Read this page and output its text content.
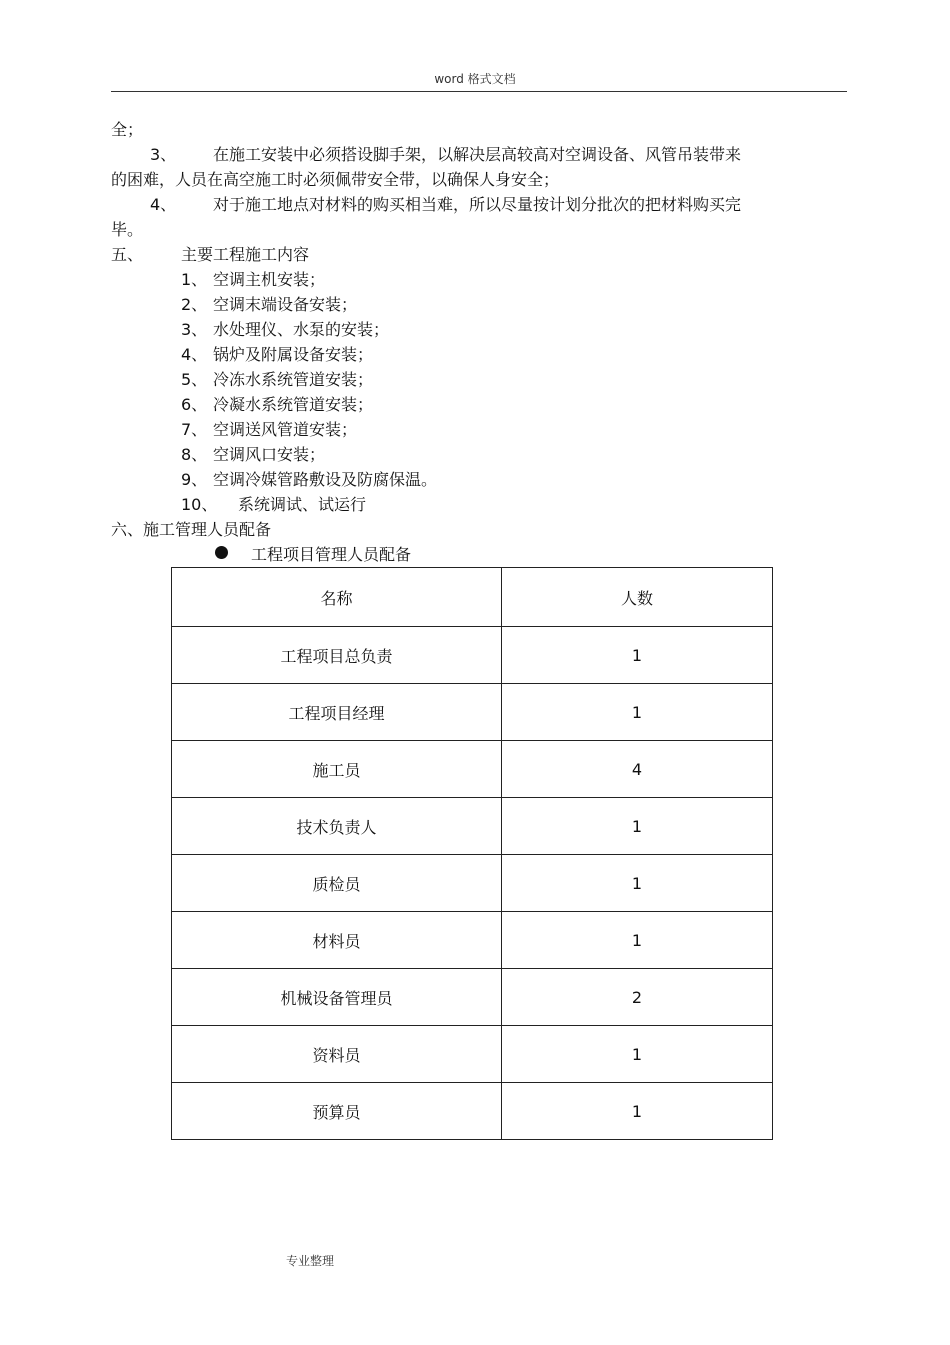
word 格式文档
全；
3、 在施工安装中必须搭设脚手架，以解决层高较高对空调设备、风管吊装带来
的困难，人员在高空施工时必须佩带安全带，以确保人身安全；
4、 对于施工地点对材料的购买相当难，所以尽量按计划分批次的把材料购买完
毕。
五、 主要工程施工内容
1、 空调主机安装；
2、 空调末端设备安装；
3、 水处理仪、水泵的安装；
4、 锅炉及附属设备安装；
5、 冷冻水系统管道安装；
6、 冷凝水系统管道安装；
7、 空调送风管道安装；
8、 空调风口安装；
9、 空调冷媒管路敷设及防腐保温。
10、 系统调试、试运行
六、施工管理人员配备
工程项目管理人员配备
名称	人数
工程项目总负责	1
工程项目经理	1
施工员	4
技术负责人	1
质检员	1
材料员	1
机械设备管理员	2
资料员	1
预算员	1
专业整理
